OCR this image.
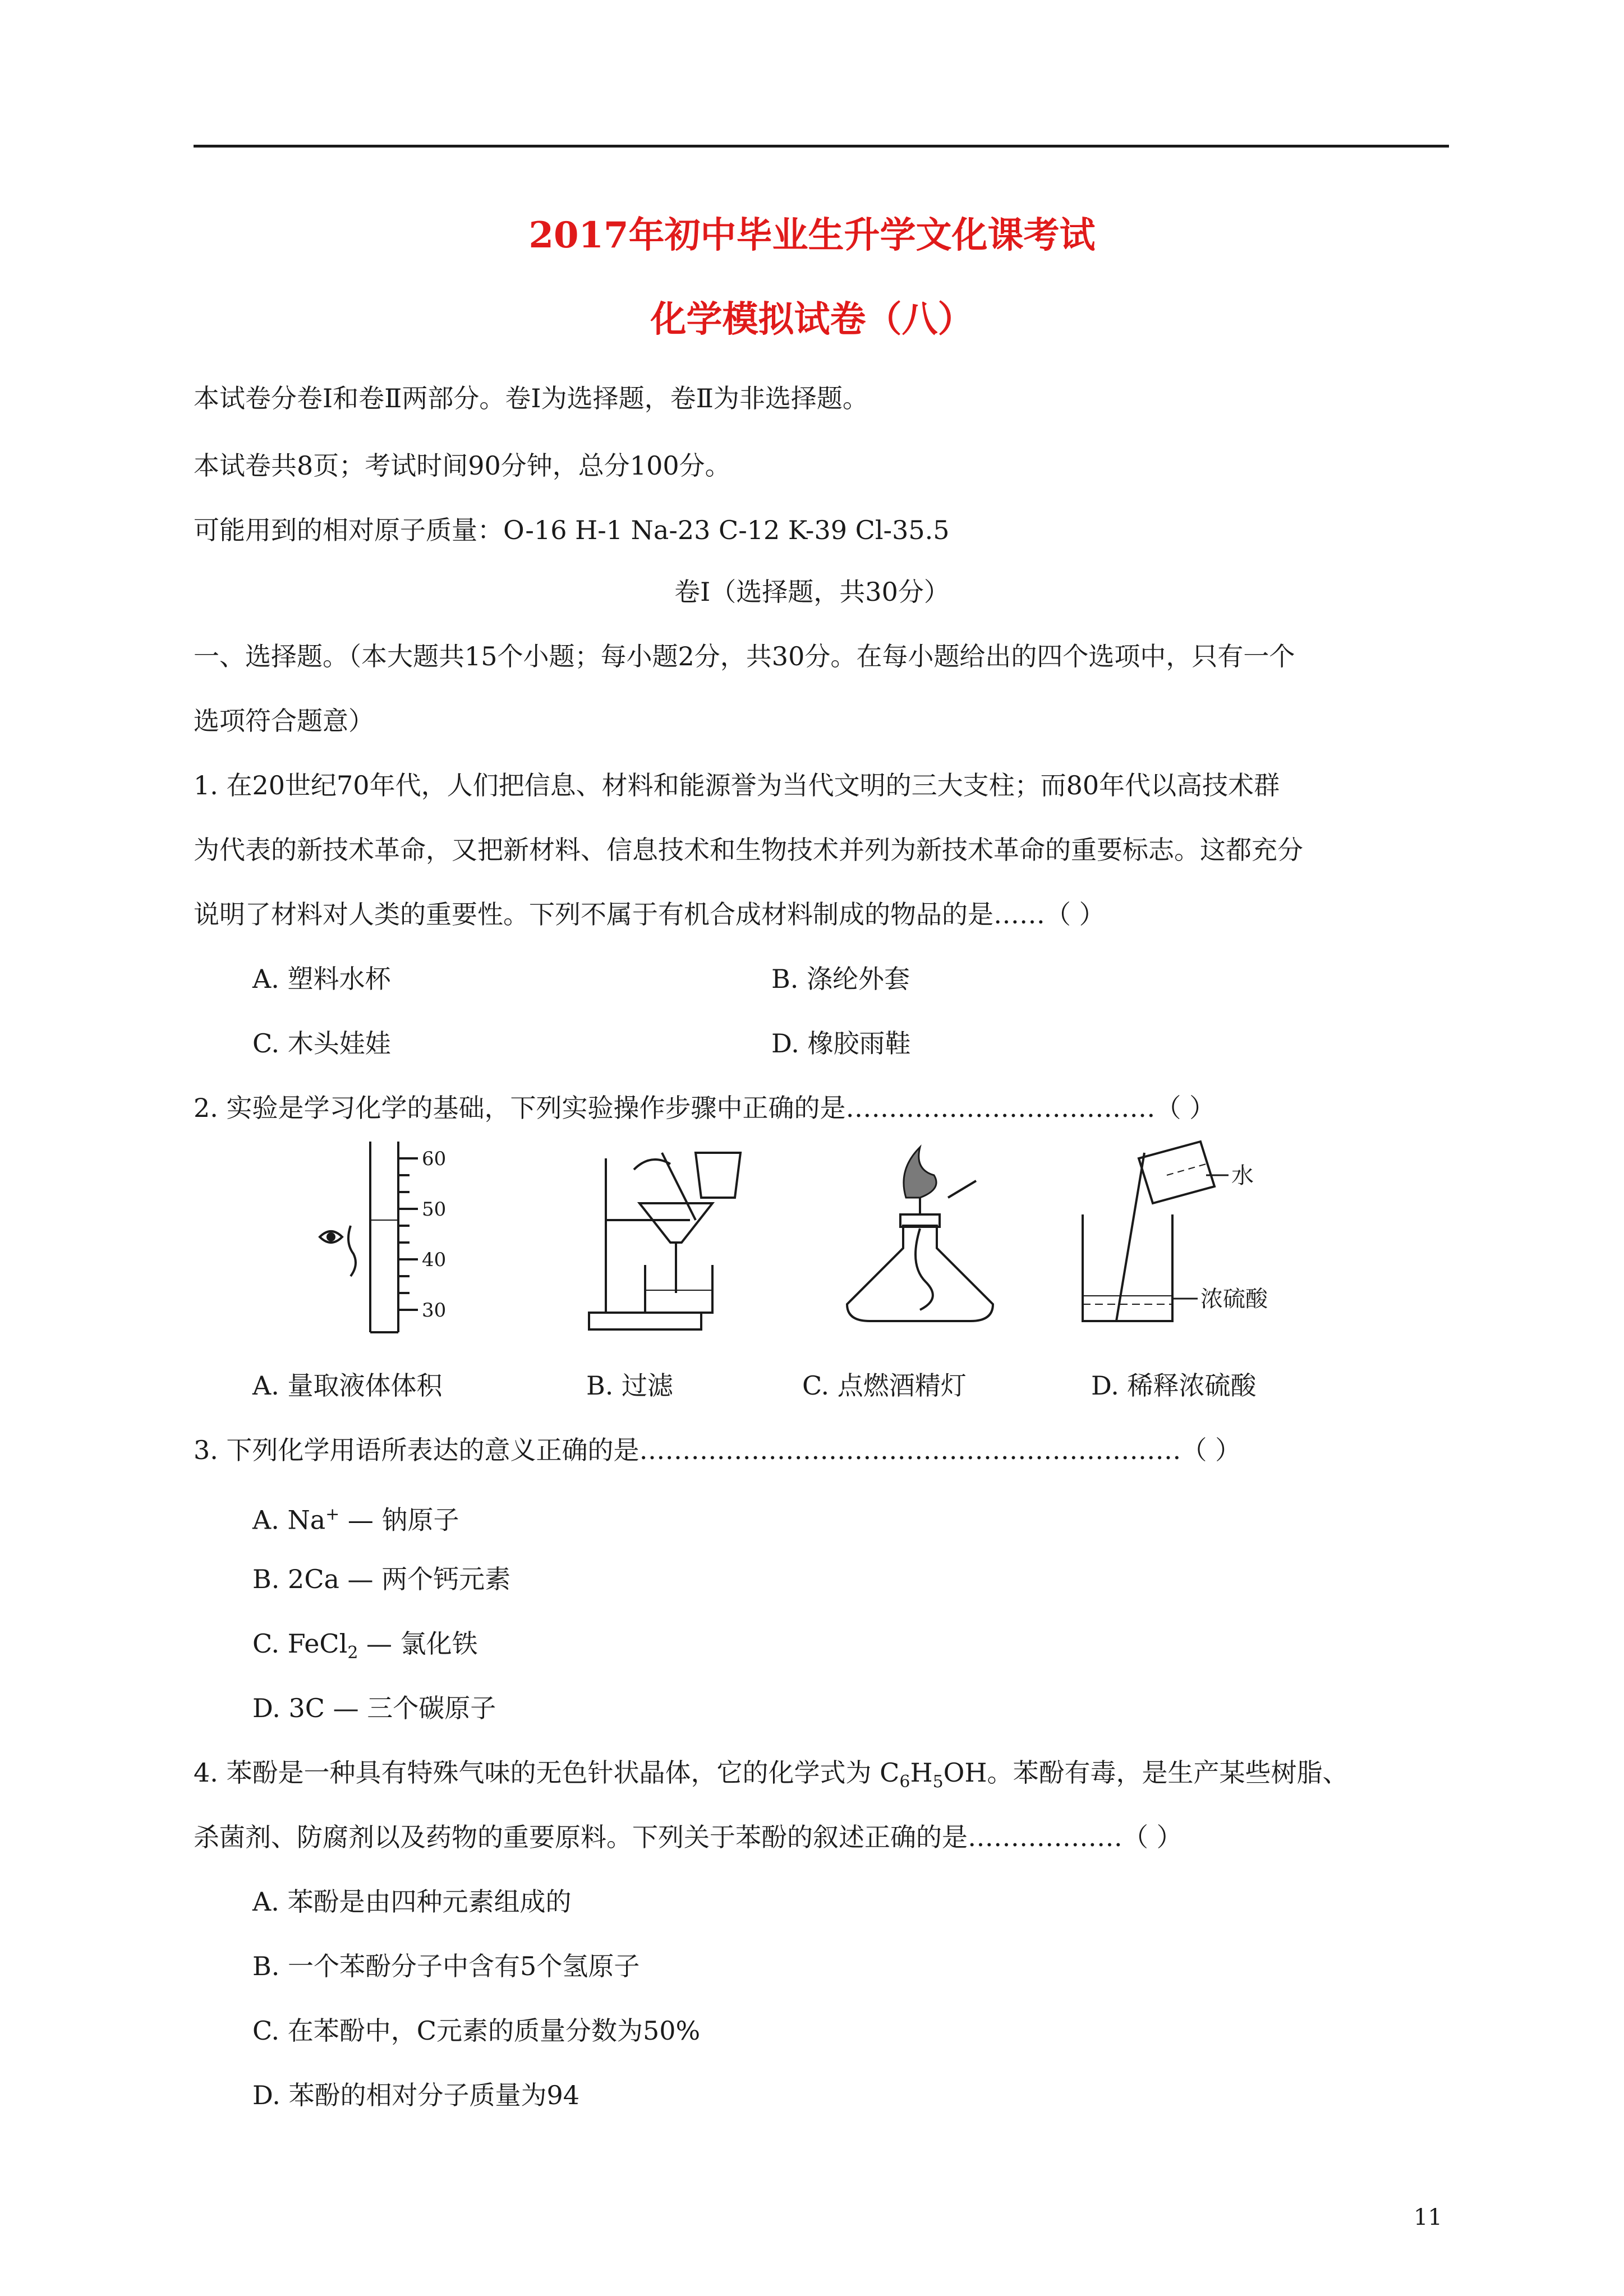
2017年初中毕业生升学文化课考试
化学模拟试卷（八）
本试卷分卷Ⅰ和卷Ⅱ两部分。卷Ⅰ为选择题，卷Ⅱ为非选择题。
本试卷共8页；考试时间90分钟，总分100分。
可能用到的相对原子质量：O-16 H-1 Na-23 C-12 K-39 Cl-35.5
卷Ⅰ（选择题，共30分）
一、选择题。（本大题共15个小题；每小题2分，共30分。在每小题给出的四个选项中，只有一个
选项符合题意）
1. 在20世纪70年代，人们把信息、材料和能源誉为当代文明的三大支柱；而80年代以高技术群
为代表的新技术革命，又把新材料、信息技术和生物技术并列为新技术革命的重要标志。这都充分
说明了材料对人类的重要性。下列不属于有机合成材料制成的物品的是……（ ）
A. 塑料水杯	B. 涤纶外套
C. 木头娃娃	D. 橡胶雨鞋
2. 实验是学习化学的基础，下列实验操作步骤中正确的是………………………………（ ）
60
50
40
30
水
浓硫酸
A. 量取液体体积	B. 过滤	C. 点燃酒精灯	D. 稀释浓硫酸
3. 下列化学用语所表达的意义正确的是………………………………………………………（ ）
A. Na+ — 钠原子
B. 2Ca — 两个钙元素
C. FeCl$_2$ — 氯化铁
D. 3C — 三个碳原子
4. 苯酚是一种具有特殊气味的无色针状晶体，它的化学式为 $C_6H_5OH$。苯酚有毒，是生产某些树脂、
杀菌剂、防腐剂以及药物的重要原料。下列关于苯酚的叙述正确的是………………（ ）
A. 苯酚是由四种元素组成的
B. 一个苯酚分子中含有5个氢原子
C. 在苯酚中，C元素的质量分数为50%
D. 苯酚的相对分子质量为94
11
